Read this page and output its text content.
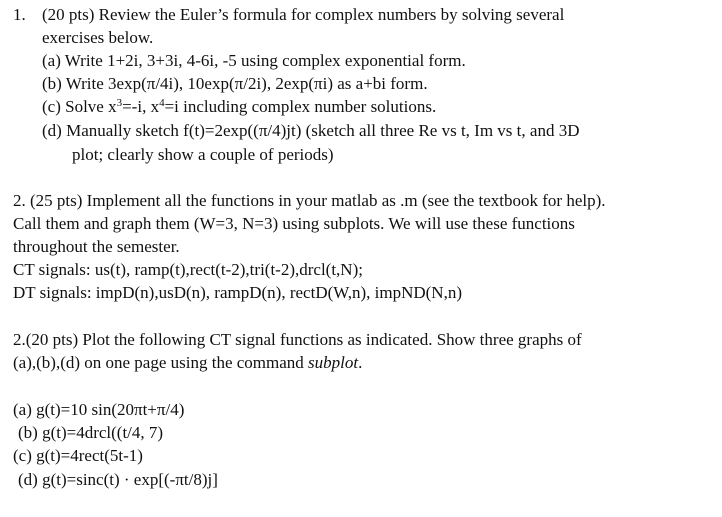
1. (20 pts) Review the Euler’s formula for complex numbers by solving several
exercises below.
(a) Write 1+2i, 3+3i, 4-6i, -5 using complex exponential form.
(b) Write 3exp(π/4i), 10exp(π/2i), 2exp(πi) as a+bi form.
(c) Solve $x^3=-i$, $x^4=i$ including complex number solutions.
(d) Manually sketch f(t)=2exp((π/4)jt) (sketch all three Re vs t, Im vs t, and 3D
plot; clearly show a couple of periods)
2. (25 pts) Implement all the functions in your matlab as .m (see the textbook for help).
Call them and graph them (W=3, N=3) using subplots. We will use these functions
throughout the semester.
CT signals: us(t), ramp(t),rect(t-2),tri(t-2),drcl(t,N);
DT signals: impD(n),usD(n), rampD(n), rectD(W,n), impND(N,n)
2.(20 pts) Plot the following CT signal functions as indicated. Show three graphs of
(a),(b),(d) on one page using the command subplot.
(a) g(t)=10 sin(20πt+π/4)
(b) g(t)=4drcl((t/4, 7)
(c) g(t)=4rect(5t-1)
(d) g(t)=sinc(t) · exp[(-πt/8)j]
